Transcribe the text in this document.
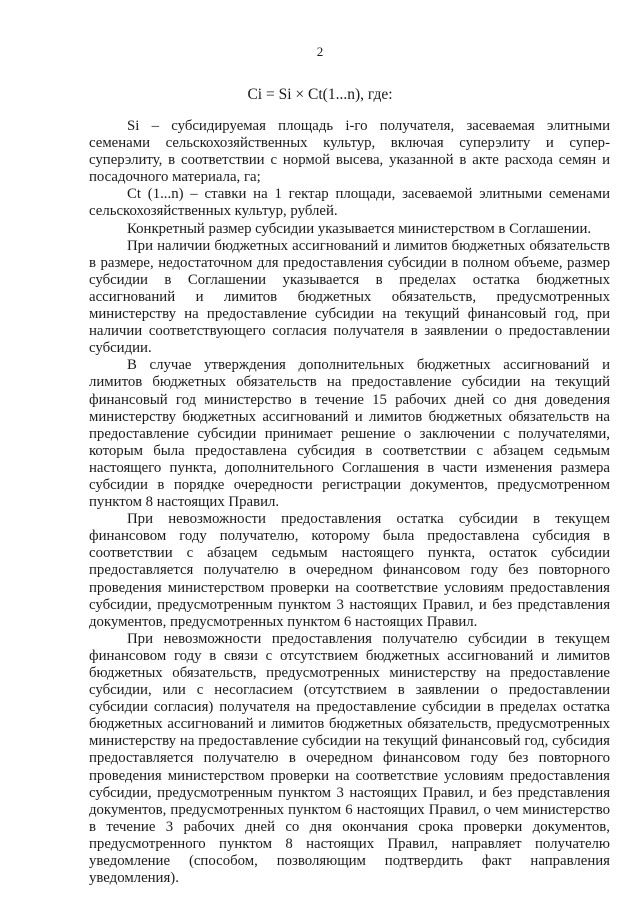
2
Ci = Si × Ct(1...n), где:

Si – субсидируемая площадь i-го получателя, засеваемая элитными семенами сельскохозяйственных культур, включая суперэлиту и супер-суперэлиту, в соответствии с нормой высева, указанной в акте расхода семян и посадочного материала, га;

Ct (1...n) – ставки на 1 гектар площади, засеваемой элитными семенами сельскохозяйственных культур, рублей.

Конкретный размер субсидии указывается министерством в Соглашении.

При наличии бюджетных ассигнований и лимитов бюджетных обязательств в размере, недостаточном для предоставления субсидии в полном объеме, размер субсидии в Соглашении указывается в пределах остатка бюджетных ассигнований и лимитов бюджетных обязательств, предусмотренных министерству на предоставление субсидии на текущий финансовый год, при наличии соответствующего согласия получателя в заявлении о предоставлении субсидии.

В случае утверждения дополнительных бюджетных ассигнований и лимитов бюджетных обязательств на предоставление субсидии на текущий финансовый год министерство в течение 15 рабочих дней со дня доведения министерству бюджетных ассигнований и лимитов бюджетных обязательств на предоставление субсидии принимает решение о заключении с получателями, которым была предоставлена субсидия в соответствии с абзацем седьмым настоящего пункта, дополнительного Соглашения в части изменения размера субсидии в порядке очередности регистрации документов, предусмотренном пунктом 8 настоящих Правил.

При невозможности предоставления остатка субсидии в текущем финансовом году получателю, которому была предоставлена субсидия в соответствии с абзацем седьмым настоящего пункта, остаток субсидии предоставляется получателю в очередном финансовом году без повторного проведения министерством проверки на соответствие условиям предоставления субсидии, предусмотренным пунктом 3 настоящих Правил, и без представления документов, предусмотренных пунктом 6 настоящих Правил.

При невозможности предоставления получателю субсидии в текущем финансовом году в связи с отсутствием бюджетных ассигнований и лимитов бюджетных обязательств, предусмотренных министерству на предоставление субсидии, или с несогласием (отсутствием в заявлении о предоставлении субсидии согласия) получателя на предоставление субсидии в пределах остатка бюджетных ассигнований и лимитов бюджетных обязательств, предусмотренных министерству на предоставление субсидии на текущий финансовый год, субсидия предоставляется получателю в очередном финансовом году без повторного проведения министерством проверки на соответствие условиям предоставления субсидии, предусмотренным пунктом 3 настоящих Правил, и без представления документов, предусмотренных пунктом 6 настоящих Правил, о чем министерство в течение 3 рабочих дней со дня окончания срока проверки документов, предусмотренного пунктом 8 настоящих Правил, направляет получателю уведомление (способом, позволяющим подтвердить факт направления уведомления).
